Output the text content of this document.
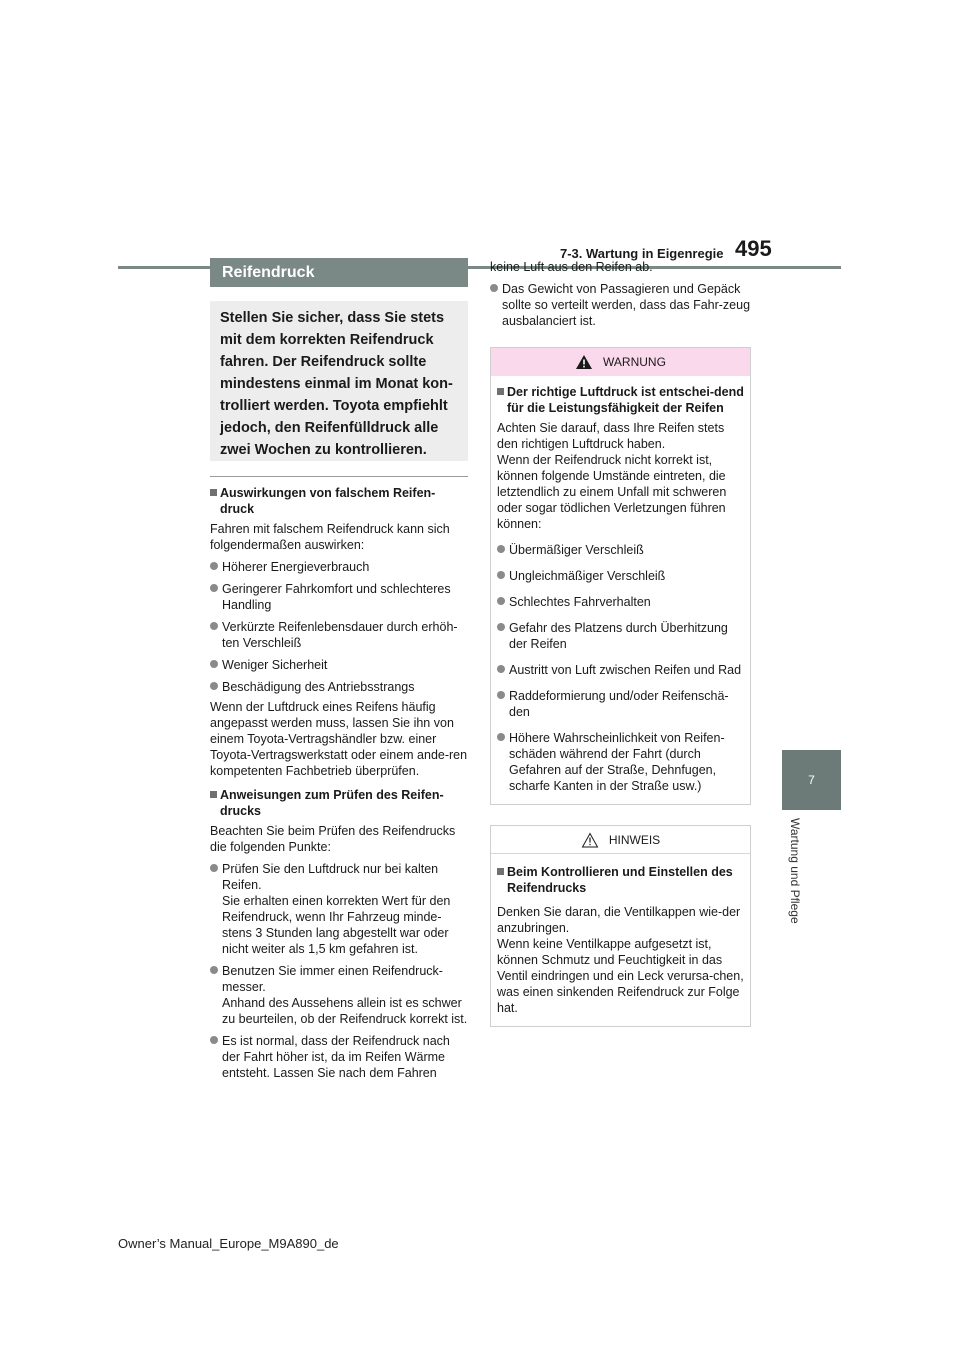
7-3. Wartung in Eigenregie 495
7
Wartung und Pflege
Reifendruck
Stellen Sie sicher, dass Sie stets mit dem korrekten Reifendruck fahren. Der Reifendruck sollte mindestens einmal im Monat kon-trolliert werden. Toyota empfiehlt jedoch, den Reifenfülldruck alle zwei Wochen zu kontrollieren.
Auswirkungen von falschem Reifen-druck
Fahren mit falschem Reifendruck kann sich folgendermaßen auswirken:
Höherer Energieverbrauch
Geringerer Fahrkomfort und schlechteres Handling
Verkürzte Reifenlebensdauer durch erhöh-ten Verschleiß
Weniger Sicherheit
Beschädigung des Antriebsstrangs
Wenn der Luftdruck eines Reifens häufig angepasst werden muss, lassen Sie ihn von einem Toyota-Vertragshändler bzw. einer Toyota-Vertragswerkstatt oder einem ande-ren kompetenten Fachbetrieb überprüfen.
Anweisungen zum Prüfen des Reifen-drucks
Beachten Sie beim Prüfen des Reifendrucks die folgenden Punkte:
Prüfen Sie den Luftdruck nur bei kalten Reifen.
Sie erhalten einen korrekten Wert für den Reifendruck, wenn Ihr Fahrzeug minde-stens 3 Stunden lang abgestellt war oder nicht weiter als 1,5 km gefahren ist.
Benutzen Sie immer einen Reifendruck-messer.
Anhand des Aussehens allein ist es schwer zu beurteilen, ob der Reifendruck korrekt ist.
Es ist normal, dass der Reifendruck nach der Fahrt höher ist, da im Reifen Wärme entsteht. Lassen Sie nach dem Fahren
keine Luft aus den Reifen ab.
Das Gewicht von Passagieren und Gepäck sollte so verteilt werden, dass das Fahr-zeug ausbalanciert ist.
WARNUNG
Der richtige Luftdruck ist entschei-dend für die Leistungsfähigkeit der Reifen
Achten Sie darauf, dass Ihre Reifen stets den richtigen Luftdruck haben.
Wenn der Reifendruck nicht korrekt ist, können folgende Umstände eintreten, die letztendlich zu einem Unfall mit schweren oder sogar tödlichen Verletzungen führen können:
Übermäßiger Verschleiß
Ungleichmäßiger Verschleiß
Schlechtes Fahrverhalten
Gefahr des Platzens durch Überhitzung der Reifen
Austritt von Luft zwischen Reifen und Rad
Raddeformierung und/oder Reifenschä-den
Höhere Wahrscheinlichkeit von Reifen-schäden während der Fahrt (durch Gefahren auf der Straße, Dehnfugen, scharfe Kanten in der Straße usw.)
HINWEIS
Beim Kontrollieren und Einstellen des Reifendrucks
Denken Sie daran, die Ventilkappen wie-der anzubringen.
Wenn keine Ventilkappe aufgesetzt ist, können Schmutz und Feuchtigkeit in das Ventil eindringen und ein Leck verursa-chen, was einen sinkenden Reifendruck zur Folge hat.
Owner’s Manual_Europe_M9A890_de
